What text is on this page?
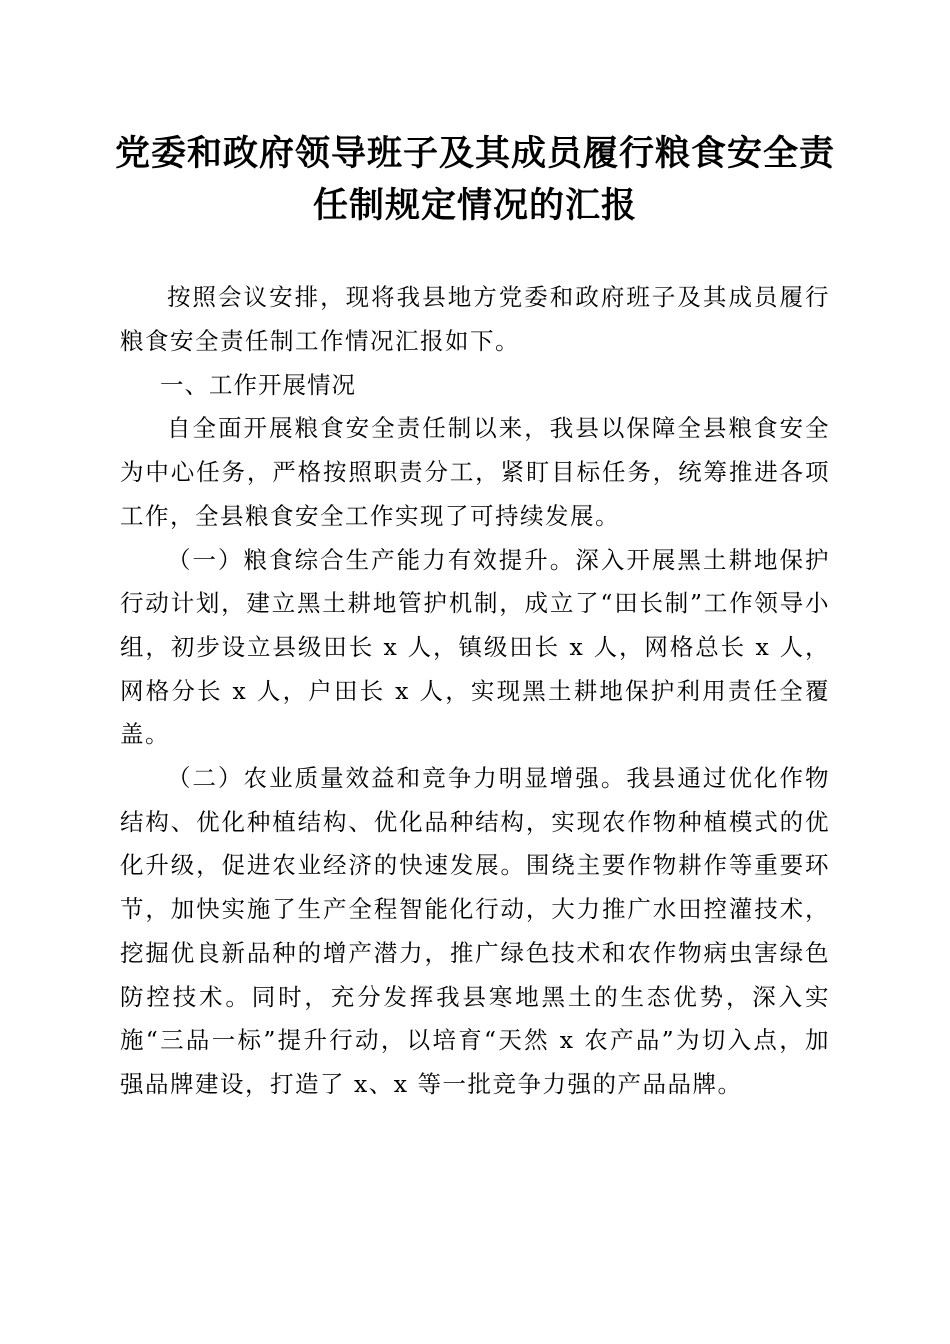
党委和政府领导班子及其成员履行粮食安全责
任制规定情况的汇报

按照会议安排，现将我县地方党委和政府班子及其成员履行粮食安全责任制工作情况汇报如下。

一、工作开展情况

自全面开展粮食安全责任制以来，我县以保障全县粮食安全为中心任务，严格按照职责分工，紧盯目标任务，统筹推进各项工作，全县粮食安全工作实现了可持续发展。

（一）粮食综合生产能力有效提升。深入开展黑土耕地保护行动计划，建立黑土耕地管护机制，成立了“田长制”工作领导小组，初步设立县级田长 x 人，镇级田长 x 人，网格总长 x 人，网格分长 x 人，户田长 x 人，实现黑土耕地保护利用责任全覆盖。

（二）农业质量效益和竞争力明显增强。我县通过优化作物结构、优化种植结构、优化品种结构，实现农作物种植模式的优化升级，促进农业经济的快速发展。围绕主要作物耕作等重要环节，加快实施了生产全程智能化行动，大力推广水田控灌技术，挖掘优良新品种的增产潜力，推广绿色技术和农作物病虫害绿色防控技术。同时，充分发挥我县寒地黑土的生态优势，深入实施“三品一标”提升行动，以培育“天然 x 农产品”为切入点，加强品牌建设，打造了 x、x 等一批竞争力强的产品品牌。
